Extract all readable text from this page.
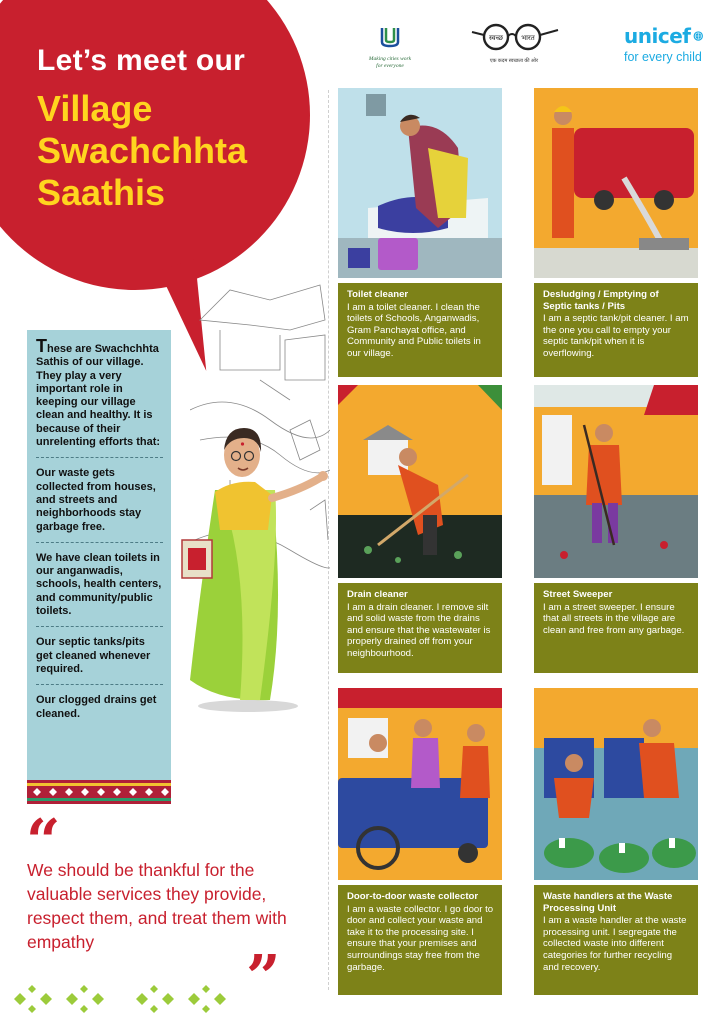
Let’s meet our
Village Swachchhta Saathis
Making cities work
for everyone
स्वच्छ	भारत
एक कदम स्वच्छता की ओर
unicef
for every child
These are Swachchhta Sathis of our village. They play a very important role in keeping our village clean and healthy. It is because of their unrelenting efforts that:
Our waste gets collected from houses, and streets and neighborhoods stay garbage free.
We have clean toilets in our anganwadis, schools, health centers, and community/public toilets.
Our septic tanks/pits get cleaned whenever required.
Our clogged drains get cleaned.
“
We should be thankful for the valuable services they provide, respect them, and treat them with empathy
”
Toilet cleaner
I am a toilet cleaner. I clean the toilets of Schools, Anganwadis, Gram Panchayat office, and Community and Public toilets in our village.
Desludging / Emptying of Septic tanks / Pits
I am a septic tank/pit cleaner. I am the one you call to empty your septic tank/pit when it is overflowing.
Drain cleaner
I am a drain cleaner. I remove silt and solid waste from the drains and ensure that the wastewater is properly drained off from your neighbourhood.
Street Sweeper
I am a street sweeper. I ensure that all streets in the village are clean and free from any garbage.
Door-to-door waste collector
I am a waste collector. I go door to door and collect your waste and take it to the processing site. I ensure that your premises and surroundings stay free from the garbage.
Waste handlers at the Waste Processing Unit
I am a waste handler at the waste processing unit. I segregate the collected waste into different categories for further recycling and recovery.
